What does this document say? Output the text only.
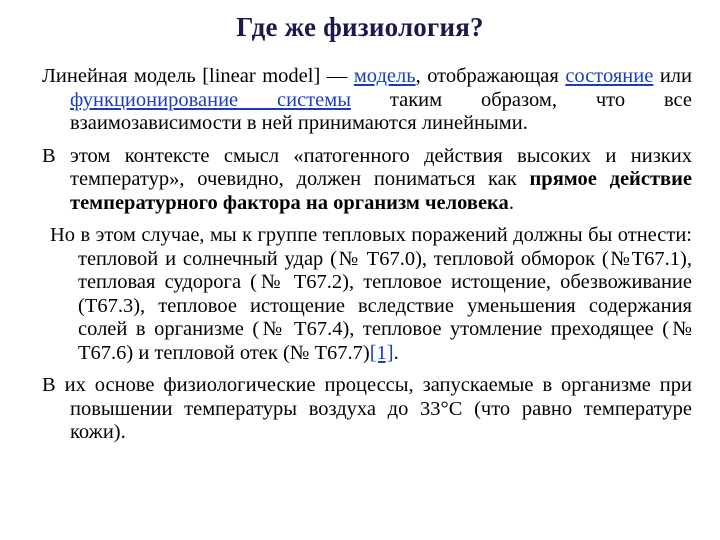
Где же физиология?

Линейная модель [linear model] — модель, отображающая состояние или функционирование системы таким образом, что все взаимозависимости в ней принимаются линейными.

В этом контексте смысл «патогенного действия высоких и низких температур», очевидно, должен пониматься как прямое действие температурного фактора на организм человека.

Но в этом случае, мы к группе тепловых поражений должны бы отнести: тепловой и солнечный удар (№ Т67.0), тепловой обморок (№Т67.1), тепловая судорога (№ Т67.2), тепловое истощение, обезвоживание (Т67.3), тепловое истощение вследствие уменьшения содержания солей в организме (№ Т67.4), тепловое утомление преходящее (№ Т67.6) и тепловой отек (№ Т67.7)[1].

В их основе физиологические процессы, запускаемые в организме при повышении температуры воздуха до 33°С (что равно температуре кожи).
